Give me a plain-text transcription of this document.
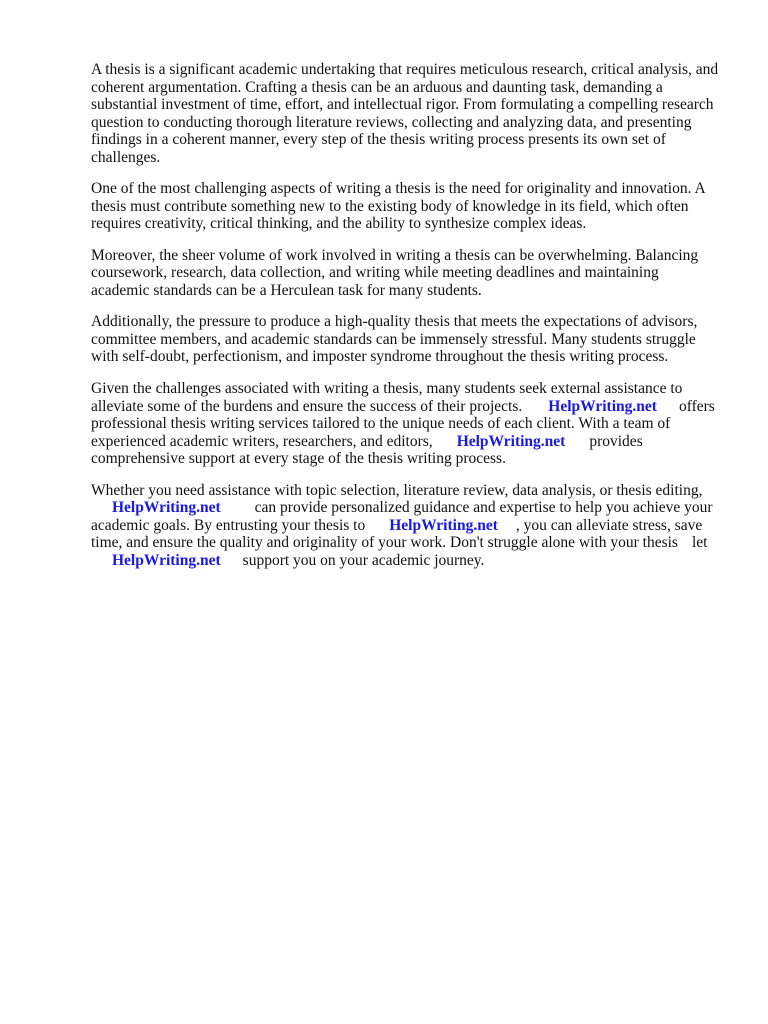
A thesis is a significant academic undertaking that requires meticulous research, critical analysis, and

coherent argumentation. Crafting a thesis can be an arduous and daunting task, demanding a

substantial investment of time, effort, and intellectual rigor. From formulating a compelling research

question to conducting thorough literature reviews, collecting and analyzing data, and presenting

findings in a coherent manner, every step of the thesis writing process presents its own set of

challenges.

One of the most challenging aspects of writing a thesis is the need for originality and innovation. A

thesis must contribute something new to the existing body of knowledge in its field, which often

requires creativity, critical thinking, and the ability to synthesize complex ideas.

Moreover, the sheer volume of work involved in writing a thesis can be overwhelming. Balancing

coursework, research, data collection, and writing while meeting deadlines and maintaining

academic standards can be a Herculean task for many students.

Additionally, the pressure to produce a high-quality thesis that meets the expectations of advisors,

committee members, and academic standards can be immensely stressful. Many students struggle

with self-doubt, perfectionism, and imposter syndrome throughout the thesis writing process.

Given the challenges associated with writing a thesis, many students seek external assistance to

alleviate some of the burdens and ensure the success of their projects. HelpWriting.net offers

professional thesis writing services tailored to the unique needs of each client. With a team of

experienced academic writers, researchers, and editors, HelpWriting.net provides

comprehensive support at every stage of the thesis writing process.

Whether you need assistance with topic selection, literature review, data analysis, or thesis editing,

HelpWriting.net can provide personalized guidance and expertise to help you achieve your

academic goals. By entrusting your thesis to HelpWriting.net , you can alleviate stress, save

time, and ensure the quality and originality of your work. Don't struggle alone with your thesis let

HelpWriting.net support you on your academic journey.
